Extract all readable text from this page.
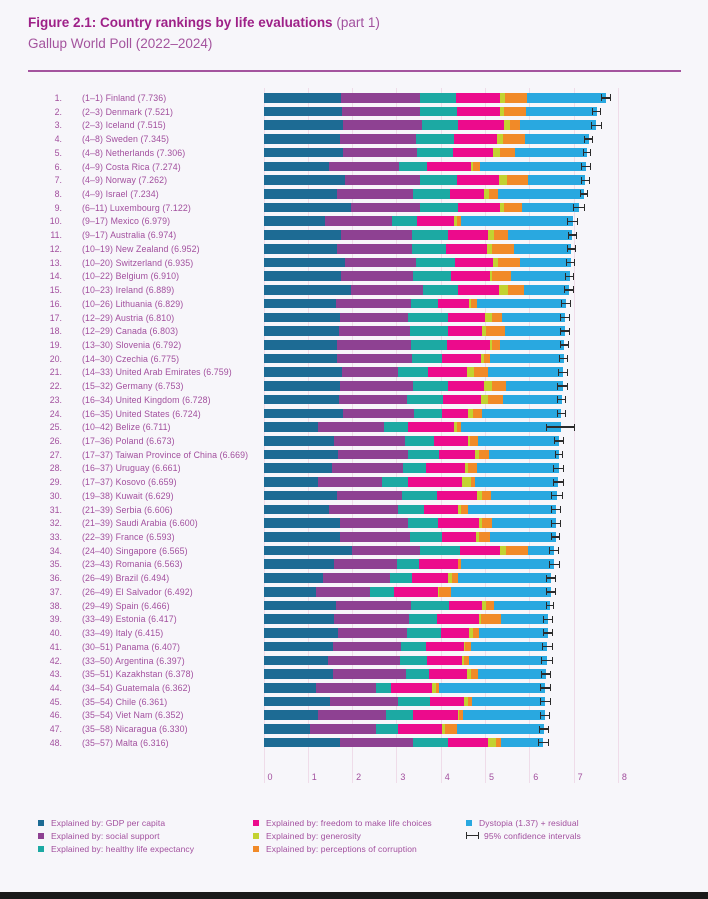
Figure 2.1: Country rankings by life evaluations (part 1)
Gallup World Poll (2022–2024)
1. (1–1) Finland (7.736)
2. (2–3) Denmark (7.521)
3. (2–3) Iceland (7.515)
4. (4–8) Sweden (7.345)
5. (4–8) Netherlands (7.306)
6. (4–9) Costa Rica (7.274)
7. (4–9) Norway (7.262)
8. (4–9) Israel (7.234)
9. (6–11) Luxembourg (7.122)
10. (9–17) Mexico (6.979)
11. (9–17) Australia (6.974)
12. (10–19) New Zealand (6.952)
13. (10–20) Switzerland (6.935)
14. (10–22) Belgium (6.910)
15. (10–23) Ireland (6.889)
16. (10–26) Lithuania (6.829)
17. (12–29) Austria (6.810)
18. (12–29) Canada (6.803)
19. (13–30) Slovenia (6.792)
20. (14–30) Czechia (6.775)
21. (14–33) United Arab Emirates (6.759)
22. (15–32) Germany (6.753)
23. (16–34) United Kingdom (6.728)
24. (16–35) United States (6.724)
25. (10–42) Belize (6.711)
26. (17–36) Poland (6.673)
27. (17–37) Taiwan Province of China (6.669)
28. (16–37) Uruguay (6.661)
29. (17–37) Kosovo (6.659)
30. (19–38) Kuwait (6.629)
31. (21–39) Serbia (6.606)
32. (21–39) Saudi Arabia (6.600)
33. (22–39) France (6.593)
34. (24–40) Singapore (6.565)
35. (23–43) Romania (6.563)
36. (26–49) Brazil (6.494)
37. (26–49) El Salvador (6.492)
38. (29–49) Spain (6.466)
39. (33–49) Estonia (6.417)
40. (33–49) Italy (6.415)
41. (30–51) Panama (6.407)
42. (33–50) Argentina (6.397)
43. (35–51) Kazakhstan (6.378)
44. (34–54) Guatemala (6.362)
45. (35–54) Chile (6.361)
46. (35–54) Viet Nam (6.352)
47. (35–58) Nicaragua (6.330)
48. (35–57) Malta (6.316)
0	1	2	3	4	5	6	7	8
Explained by: GDP per capita
Explained by: social support
Explained by: healthy life expectancy
Explained by: freedom to make life choices
Explained by: generosity
Explained by: perceptions of corruption
Dystopia (1.37) + residual
95% confidence intervals
